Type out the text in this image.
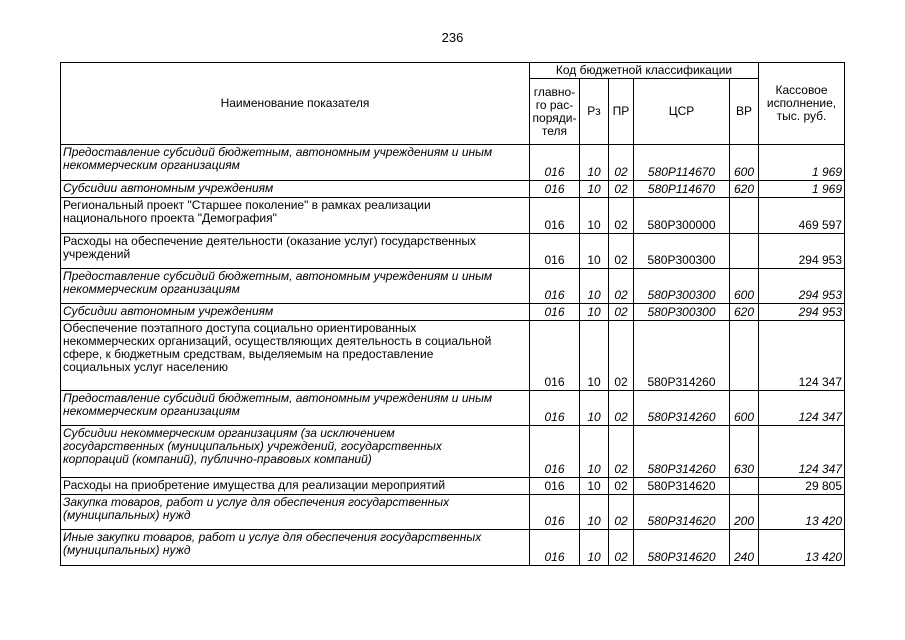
236
Наименование показателя	Код бюджетной классификации					Кассовое
исполнение,
тыс. руб.

	главно-
го рас-
поряди-
теля	Рз	ПР	ЦСР	ВР	

Предоставление субсидий бюджетным, автономным учреждениям и иным
некоммерческим организациям	016	10	02	580P114670	600	1 969

Субсидии автономным учреждениям	016	10	02	580P114670	620	1 969

Региональный проект "Старшее поколение" в рамках реализации
национального проекта "Демография"	016	10	02	580P300000		469 597

Расходы на обеспечение деятельности (оказание услуг) государственных
учреждений	016	10	02	580P300300		294 953

Предоставление субсидий бюджетным, автономным учреждениям и иным
некоммерческим организациям	016	10	02	580P300300	600	294 953

Субсидии автономным учреждениям	016	10	02	580P300300	620	294 953

Обеспечение поэтапного доступа социально ориентированных
некоммерческих организаций, осуществляющих деятельность в социальной
сфере, к бюджетным средствам, выделяемым на предоставление
социальных услуг населению	016	10	02	580P314260		124 347

Предоставление субсидий бюджетным, автономным учреждениям и иным
некоммерческим организациям	016	10	02	580P314260	600	124 347

Субсидии некоммерческим организациям (за исключением
государственных (муниципальных) учреждений, государственных
корпораций (компаний), публично-правовых компаний)	016	10	02	580P314260	630	124 347

Расходы на приобретение имущества для реализации мероприятий	016	10	02	580P314620		29 805

Закупка товаров, работ и услуг для обеспечения государственных
(муниципальных) нужд	016	10	02	580P314620	200	13 420

Иные закупки товаров, работ и услуг для обеспечения государственных
(муниципальных) нужд	016	10	02	580P314620	240	13 420
